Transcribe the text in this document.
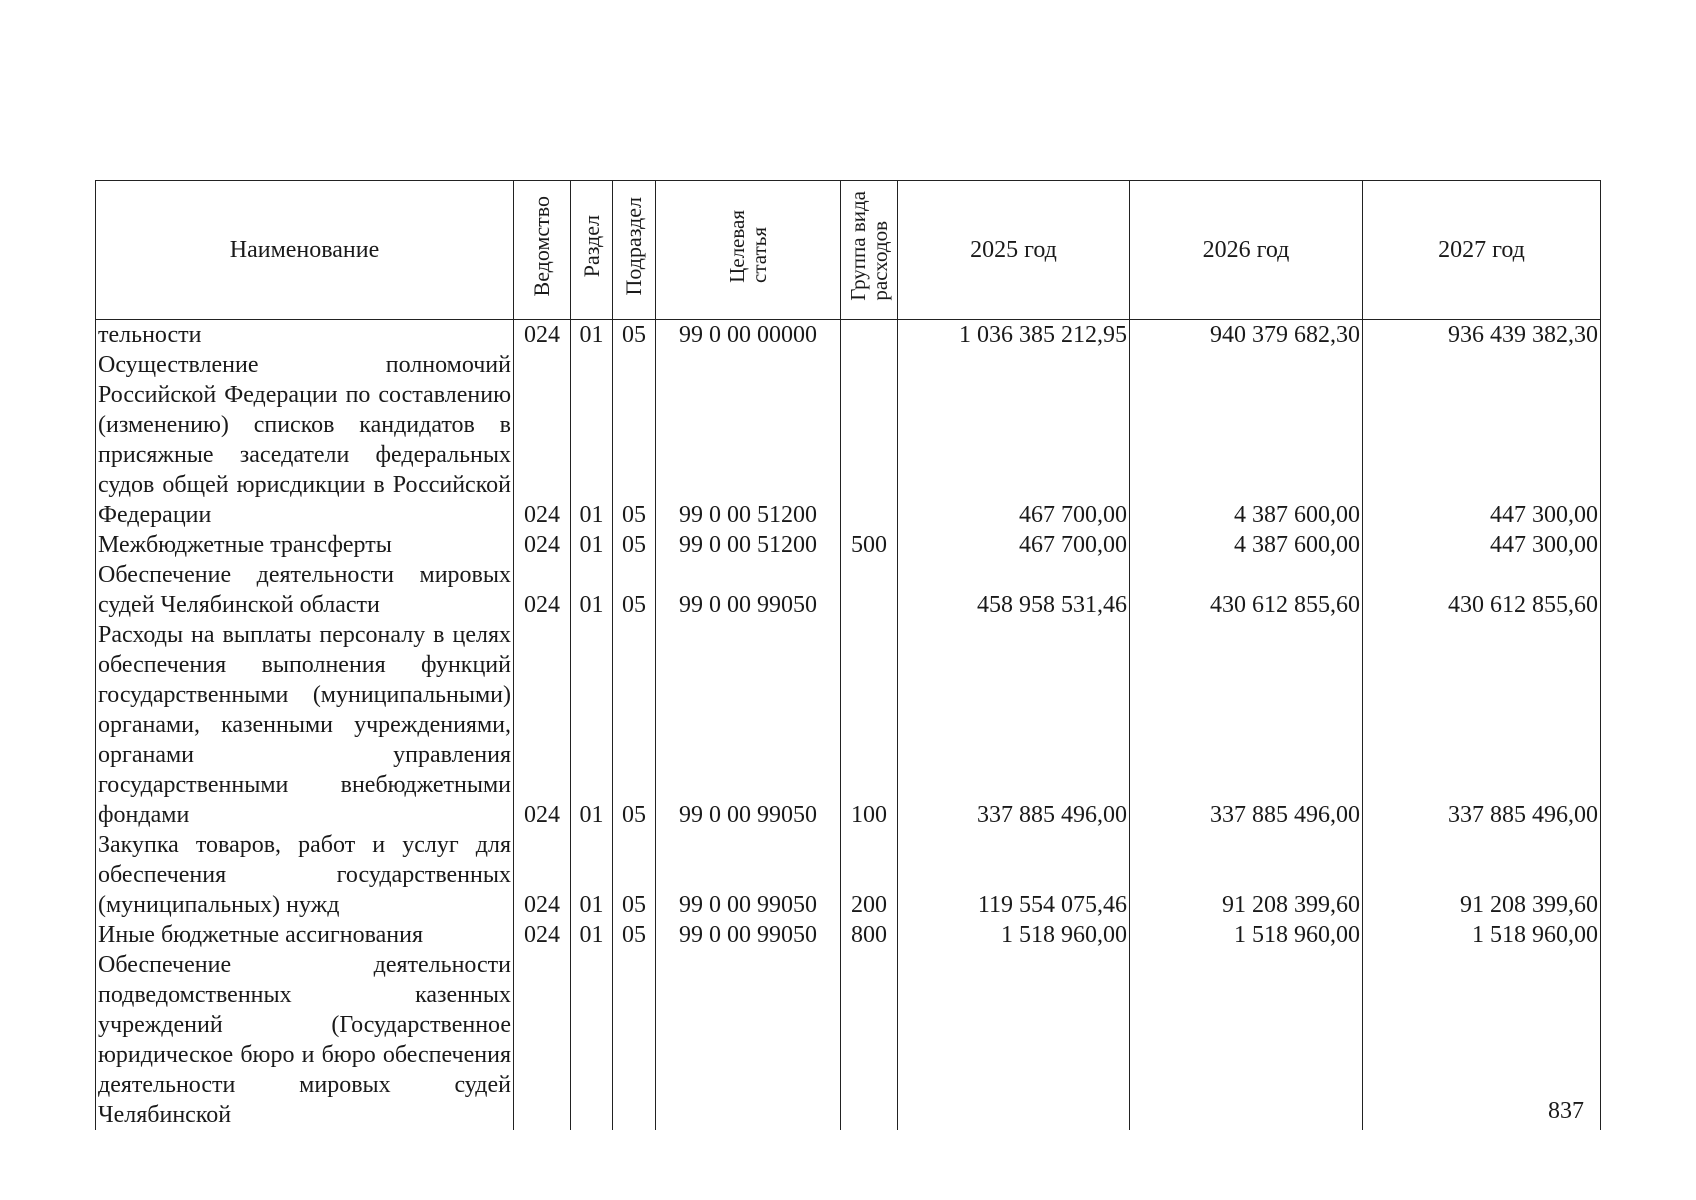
Наименование	Ведомство	Раздел	Подраздел	Целеваястатья	Группа видарасходов	2025 год	2026 год	2027 год
тельности	024	01	05	99 0 00 00000		1 036 385 212,95	940 379 682,30	936 439 382,30
Осуществление полномочий Российской Федерации по составлению (изменению) списков кандидатов в присяжные заседатели федеральных судов общей юрисдикции в Российской Федерации	024	01	05	99 0 00 51200		467 700,00	4 387 600,00	447 300,00
Межбюджетные трансферты	024	01	05	99 0 00 51200	500	467 700,00	4 387 600,00	447 300,00
Обеспечение деятельности мировых судей Челябинской области	024	01	05	99 0 00 99050		458 958 531,46	430 612 855,60	430 612 855,60
Расходы на выплаты персоналу в целях обеспечения выполнения функций государственными (муниципальными) органами, казенными учреждениями, органами управления государственными внебюджетными фондами	024	01	05	99 0 00 99050	100	337 885 496,00	337 885 496,00	337 885 496,00
Закупка товаров, работ и услуг для обеспечения государственных (муниципальных) нужд	024	01	05	99 0 00 99050	200	119 554 075,46	91 208 399,60	91 208 399,60
Иные бюджетные ассигнования	024	01	05	99 0 00 99050	800	1 518 960,00	1 518 960,00	1 518 960,00
Обеспечение деятельности подведомственных казенных учреждений (Государственное юридическое бюро и бюро обеспечения деятельности мировых судей Челябинской									837
